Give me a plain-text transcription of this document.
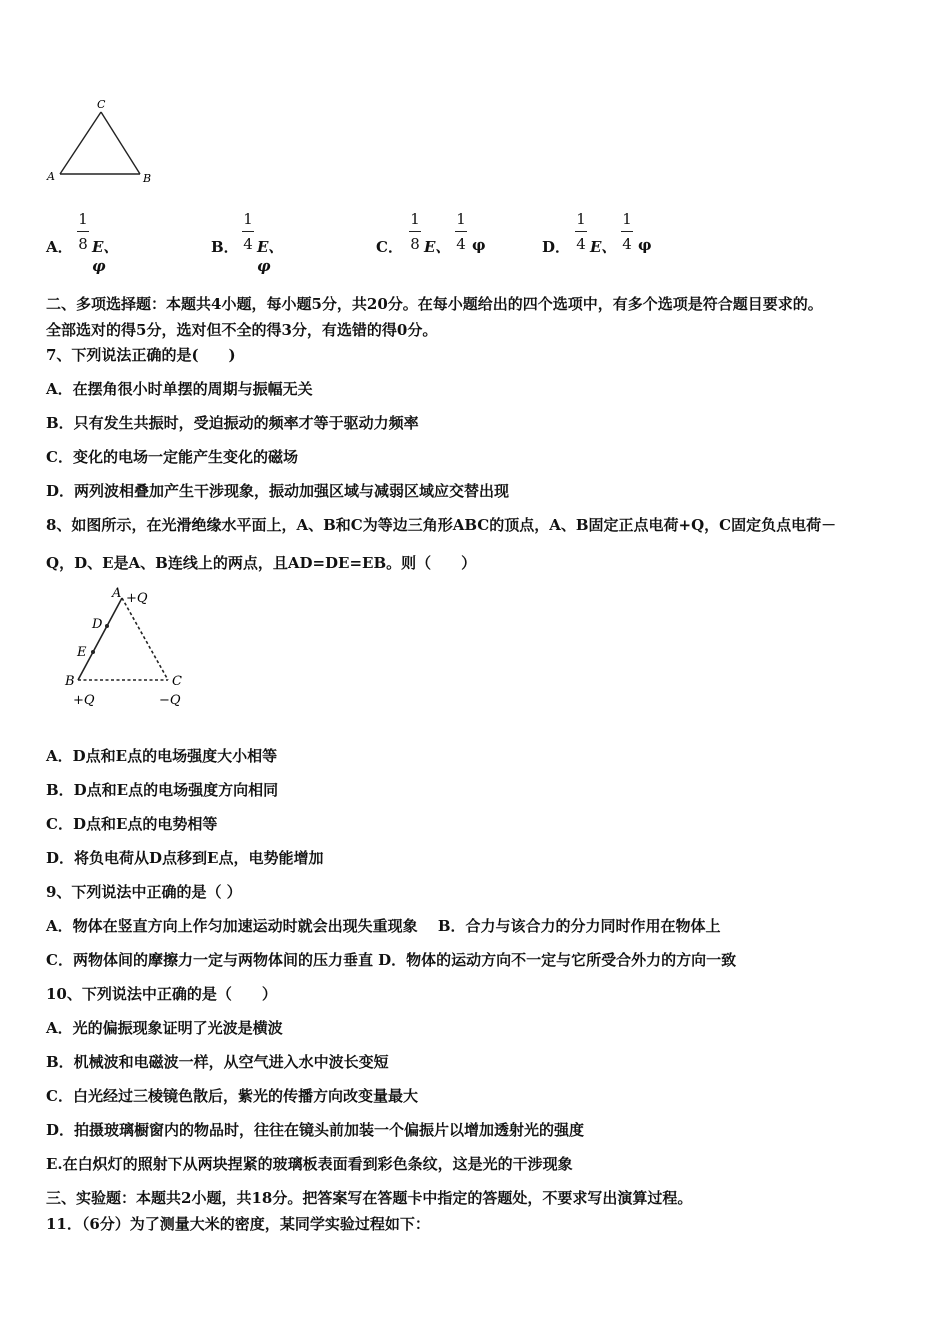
C
A	B
A．
1
8 E、φ
B．
1
4 E、φ
C．
1
8 E、
1
4 φ	D．
1
4 E、
1
4 φ
二、多项选择题：本题共4小题，每小题5分，共20分。在每小题给出的四个选项中，有多个选项是符合题目要求的。
全部选对的得5分，选对但不全的得3分，有选错的得0分。
7、下列说法正确的是(　　)
A．在摆角很小时单摆的周期与振幅无关
B．只有发生共振时，受迫振动的频率才等于驱动力频率
C．变化的电场一定能产生变化的磁场
D．两列波相叠加产生干涉现象，振动加强区域与减弱区域应交替出现
8、如图所示，在光滑绝缘水平面上，A、B和C为等边三角形ABC的顶点，A、B固定正点电荷+Q，C固定负点电荷－
Q，D、E是A、B连线上的两点，且AD=DE=EB。则（　　）
A +Q
D
E
B
+Q
C
−Q
A．D点和E点的电场强度大小相等
B．D点和E点的电场强度方向相同
C．D点和E点的电势相等
D．将负电荷从D点移到E点，电势能增加
9、下列说法中正确的是（ ）
A．物体在竖直方向上作匀加速运动时就会出现失重现象　 B．合力与该合力的分力同时作用在物体上
C．两物体间的摩擦力一定与两物体间的压力垂直 D．物体的运动方向不一定与它所受合外力的方向一致
10、下列说法中正确的是（　　）
A．光的偏振现象证明了光波是横波
B．机械波和电磁波一样，从空气进入水中波长变短
C．白光经过三棱镜色散后，紫光的传播方向改变量最大
D．拍摄玻璃橱窗内的物品时，往往在镜头前加装一个偏振片以增加透射光的强度
E.在白炽灯的照射下从两块捏紧的玻璃板表面看到彩色条纹，这是光的干涉现象
三、实验题：本题共2小题，共18分。把答案写在答题卡中指定的答题处，不要求写出演算过程。
11．（6分）为了测量大米的密度，某同学实验过程如下：
